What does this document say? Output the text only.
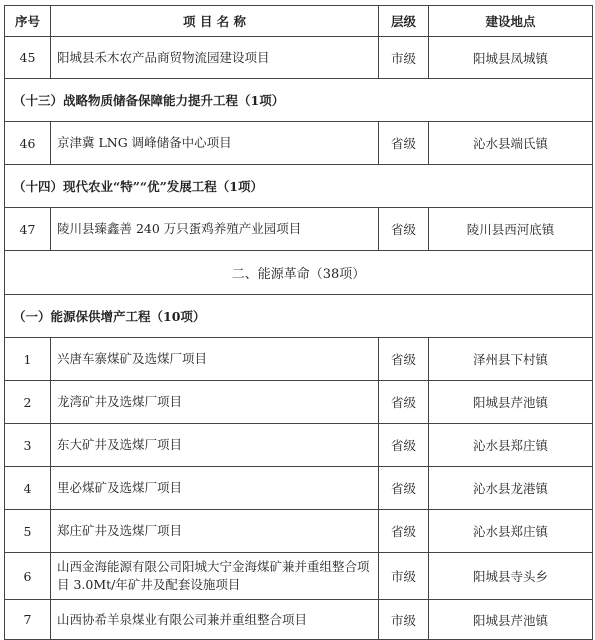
序号	项 目 名 称	层级	建设地点
45	阳城县禾木农产品商贸物流园建设项目	市级	阳城县凤城镇
（十三）战略物质储备保障能力提升工程（1项）			
46	京津冀 LNG 调峰储备中心项目	省级	沁水县端氏镇
（十四）现代农业“特”“优”发展工程（1项）			
47	陵川县臻鑫善 240 万只蛋鸡养殖产业园项目	省级	陵川县西河底镇
二、能源革命（38项）			
（一）能源保供增产工程（10项）			
1	兴唐车寨煤矿及选煤厂项目	省级	泽州县下村镇
2	龙湾矿井及选煤厂项目	省级	阳城县芹池镇
3	东大矿井及选煤厂项目	省级	沁水县郑庄镇
4	里必煤矿及选煤厂项目	省级	沁水县龙港镇
5	郑庄矿井及选煤厂项目	省级	沁水县郑庄镇
6	山西金海能源有限公司阳城大宁金海煤矿兼并重组整合项目 3.0Mt/年矿井及配套设施项目	市级	阳城县寺头乡
7	山西协希羊泉煤业有限公司兼并重组整合项目	市级	阳城县芹池镇
